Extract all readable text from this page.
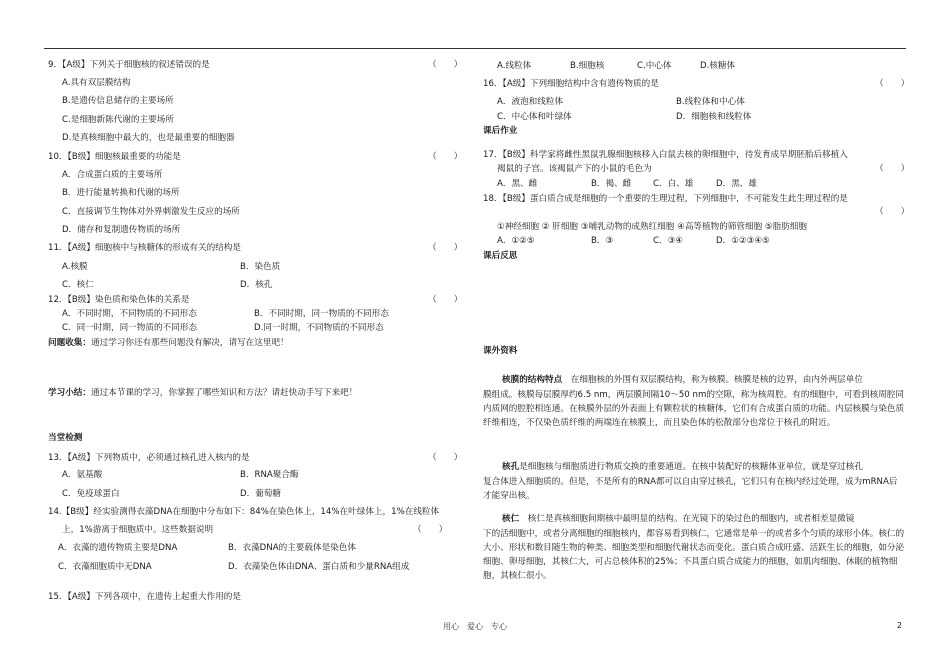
9．【A级】下列关于细胞核的叙述错误的是	（　　）
A.具有双层膜结构
B.是遗传信息储存的主要场所
C.是细胞新陈代谢的主要场所
D.是真核细胞中最大的，也是最重要的细胞器
10．【B级】细胞核最重要的功能是	（　　）
A．合成蛋白质的主要场所
B．进行能量转换和代谢的场所
C．直接调节生物体对外界刺激发生反应的场所
D．储存和复制遗传物质的场所
11．【A级】细胞核中与核糖体的形成有关的结构是	（　　）
A.核膜	B．染色质
C．核仁	D．核孔
12．【B级】染色质和染色体的关系是	（　　）
A．不同时期，不同物质的不同形态	B．不同时期，同一物质的不同形态
C．同一时期，同一物质的不同形态	D.同一时期，不同物质的不同形态
问题收集：通过学习你还有那些问题没有解决，请写在这里吧！
学习小结：通过本节课的学习，你掌握了哪些知识和方法？请赶快动手写下来吧！
当堂检测
13．【A级】下列物质中，必须通过核孔进入核内的是	（　　）
A．氨基酸	B．RNA聚合酶
C．免疫球蛋白	D．葡萄糖
14.【B级】经实验测得衣藻DNA在细胞中分布如下：84%在染色体上，14%在叶绿体上，1%在线粒体
上，1%游离于细胞质中。这些数据说明	（　　）
A．衣藻的遗传物质主要是DNA	B．衣藻DNA的主要载体是染色体
C．衣藻细胞质中无DNA	D．衣藻染色体由DNA、蛋白质和少量RNA组成
15．【A级】下列各项中，在遗传上起重大作用的是
A.线粒体	B.细胞核	C.中心体	D.核糖体
16．【A级】下列细胞结构中含有遗传物质的是	（　　）
A．液泡和线粒体	B.线粒体和中心体
C．中心体和叶绿体	D．细胞核和线粒体
课后作业
17．【B级】科学家将雌性黑鼠乳腺细胞核移入白鼠去核的卵细胞中，待发育成早期胚胎后移植入
褐鼠的子宫。该褐鼠产下的小鼠的毛色为	（　　）
A．黑、雌	B．褐、雌	C．白、雄	D．黑、雄
18．【B级】蛋白质合成是细胞的一个重要的生理过程，下列细胞中，不可能发生此生理过程的是
（　　）
①神经细胞 ② 肝细胞 ③哺乳动物的成熟红细胞 ④高等植物的筛管细胞 ⑤脂肪细胞
A．①②⑤	B．③	C．③④	D．①②③④⑤
课后反思
课外资料
核膜的结构特点  在细胞核的外围有双层膜结构，称为核膜。核膜是核的边界，由内外两层单位
膜组成。核膜每层膜厚约6.5 nm，两层膜间隔10～50 nm的空隙，称为核周腔。有的细胞中，可看到核周腔同内质网的腔腔相连通。在核膜外层的外表面上有颗粒状的核糖体，它们有合成蛋白质的功能。内层核膜与染色质纤维相连，不仅染色质纤维的两端连在核膜上，而且染色体的松散部分也常位于核孔的附近。
核孔是细胞核与细胞质进行物质交换的重要通道。在核中装配好的核糖体亚单位，就是穿过核孔
复合体进入细胞质的。但是，不是所有的RNA都可以自由穿过核孔，它们只有在核内经过处理，成为mRNA后才能穿出核。
核仁  核仁是真核细胞间期核中最明显的结构。在光镜下的染过色的细胞内，或者相差显微镜
下的活细胞中，或者分离细胞的细胞核内，都容易看到核仁，它通常是单一的或者多个匀质的球形小体。核仁的大小、形状和数目随生物的种类、细胞类型和细胞代谢状态而变化。蛋白质合成旺盛、活跃生长的细胞，如分泌细胞、卵母细胞，其核仁大，可占总核体积的25%；不具蛋白质合成能力的细胞，如肌肉细胞、休眠的植物细胞，其核仁很小。
用心　爱心　专心	2
